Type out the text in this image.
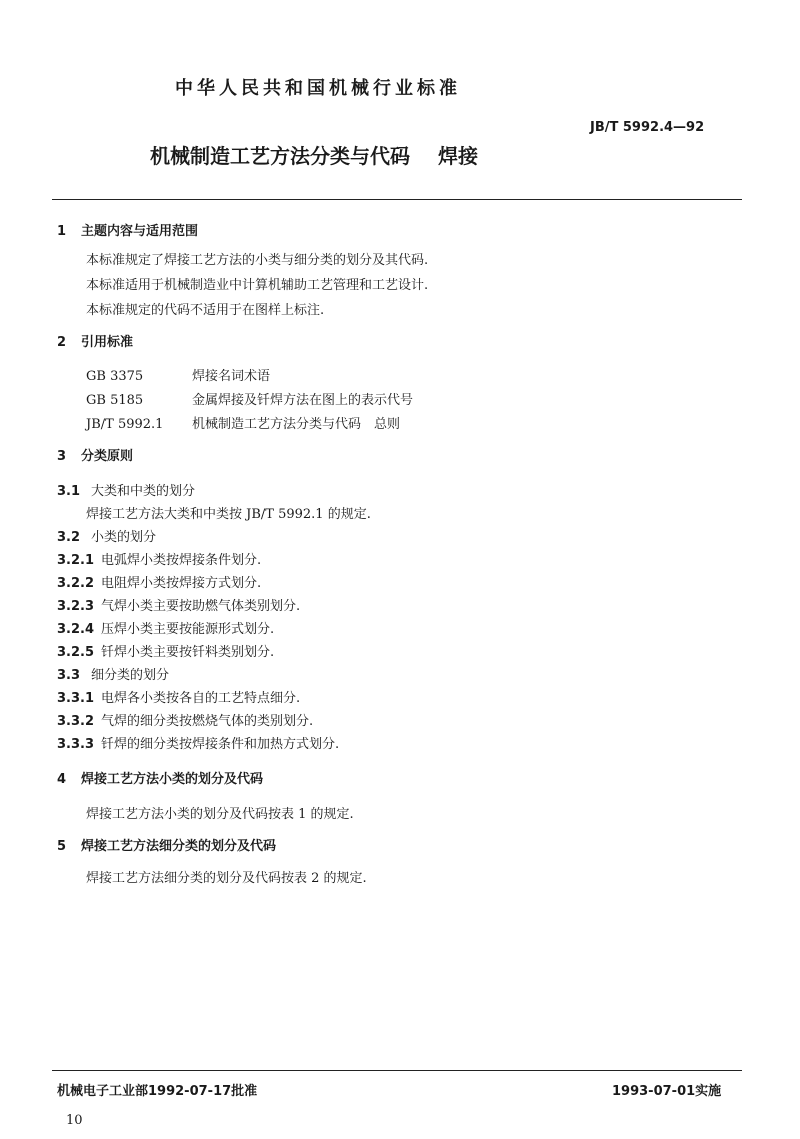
中华人民共和国机械行业标准
JB/T 5992.4—92
机械制造工艺方法分类与代码 焊接
1 主题内容与适用范围
本标准规定了焊接工艺方法的小类与细分类的划分及其代码.
本标准适用于机械制造业中计算机辅助工艺管理和工艺设计.
本标准规定的代码不适用于在图样上标注.
2 引用标准
GB 3375	焊接名词术语
GB 5185	金属焊接及钎焊方法在图上的表示代号
JB/T 5992.1 机械制造工艺方法分类与代码　总则
3 分类原则
3.1 大类和中类的划分
焊接工艺方法大类和中类按 JB/T 5992.1 的规定.
3.2 小类的划分
3.2.1 电弧焊小类按焊接条件划分.
3.2.2 电阻焊小类按焊接方式划分.
3.2.3 气焊小类主要按助燃气体类别划分.
3.2.4 压焊小类主要按能源形式划分.
3.2.5 钎焊小类主要按钎料类别划分.
3.3 细分类的划分
3.3.1 电焊各小类按各自的工艺特点细分.
3.3.2 气焊的细分类按燃烧气体的类别划分.
3.3.3 钎焊的细分类按焊接条件和加热方式划分.
4 焊接工艺方法小类的划分及代码
焊接工艺方法小类的划分及代码按表 1 的规定.
5 焊接工艺方法细分类的划分及代码
焊接工艺方法细分类的划分及代码按表 2 的规定.
机械电子工业部1992-07-17批准	1993-07-01实施
10
